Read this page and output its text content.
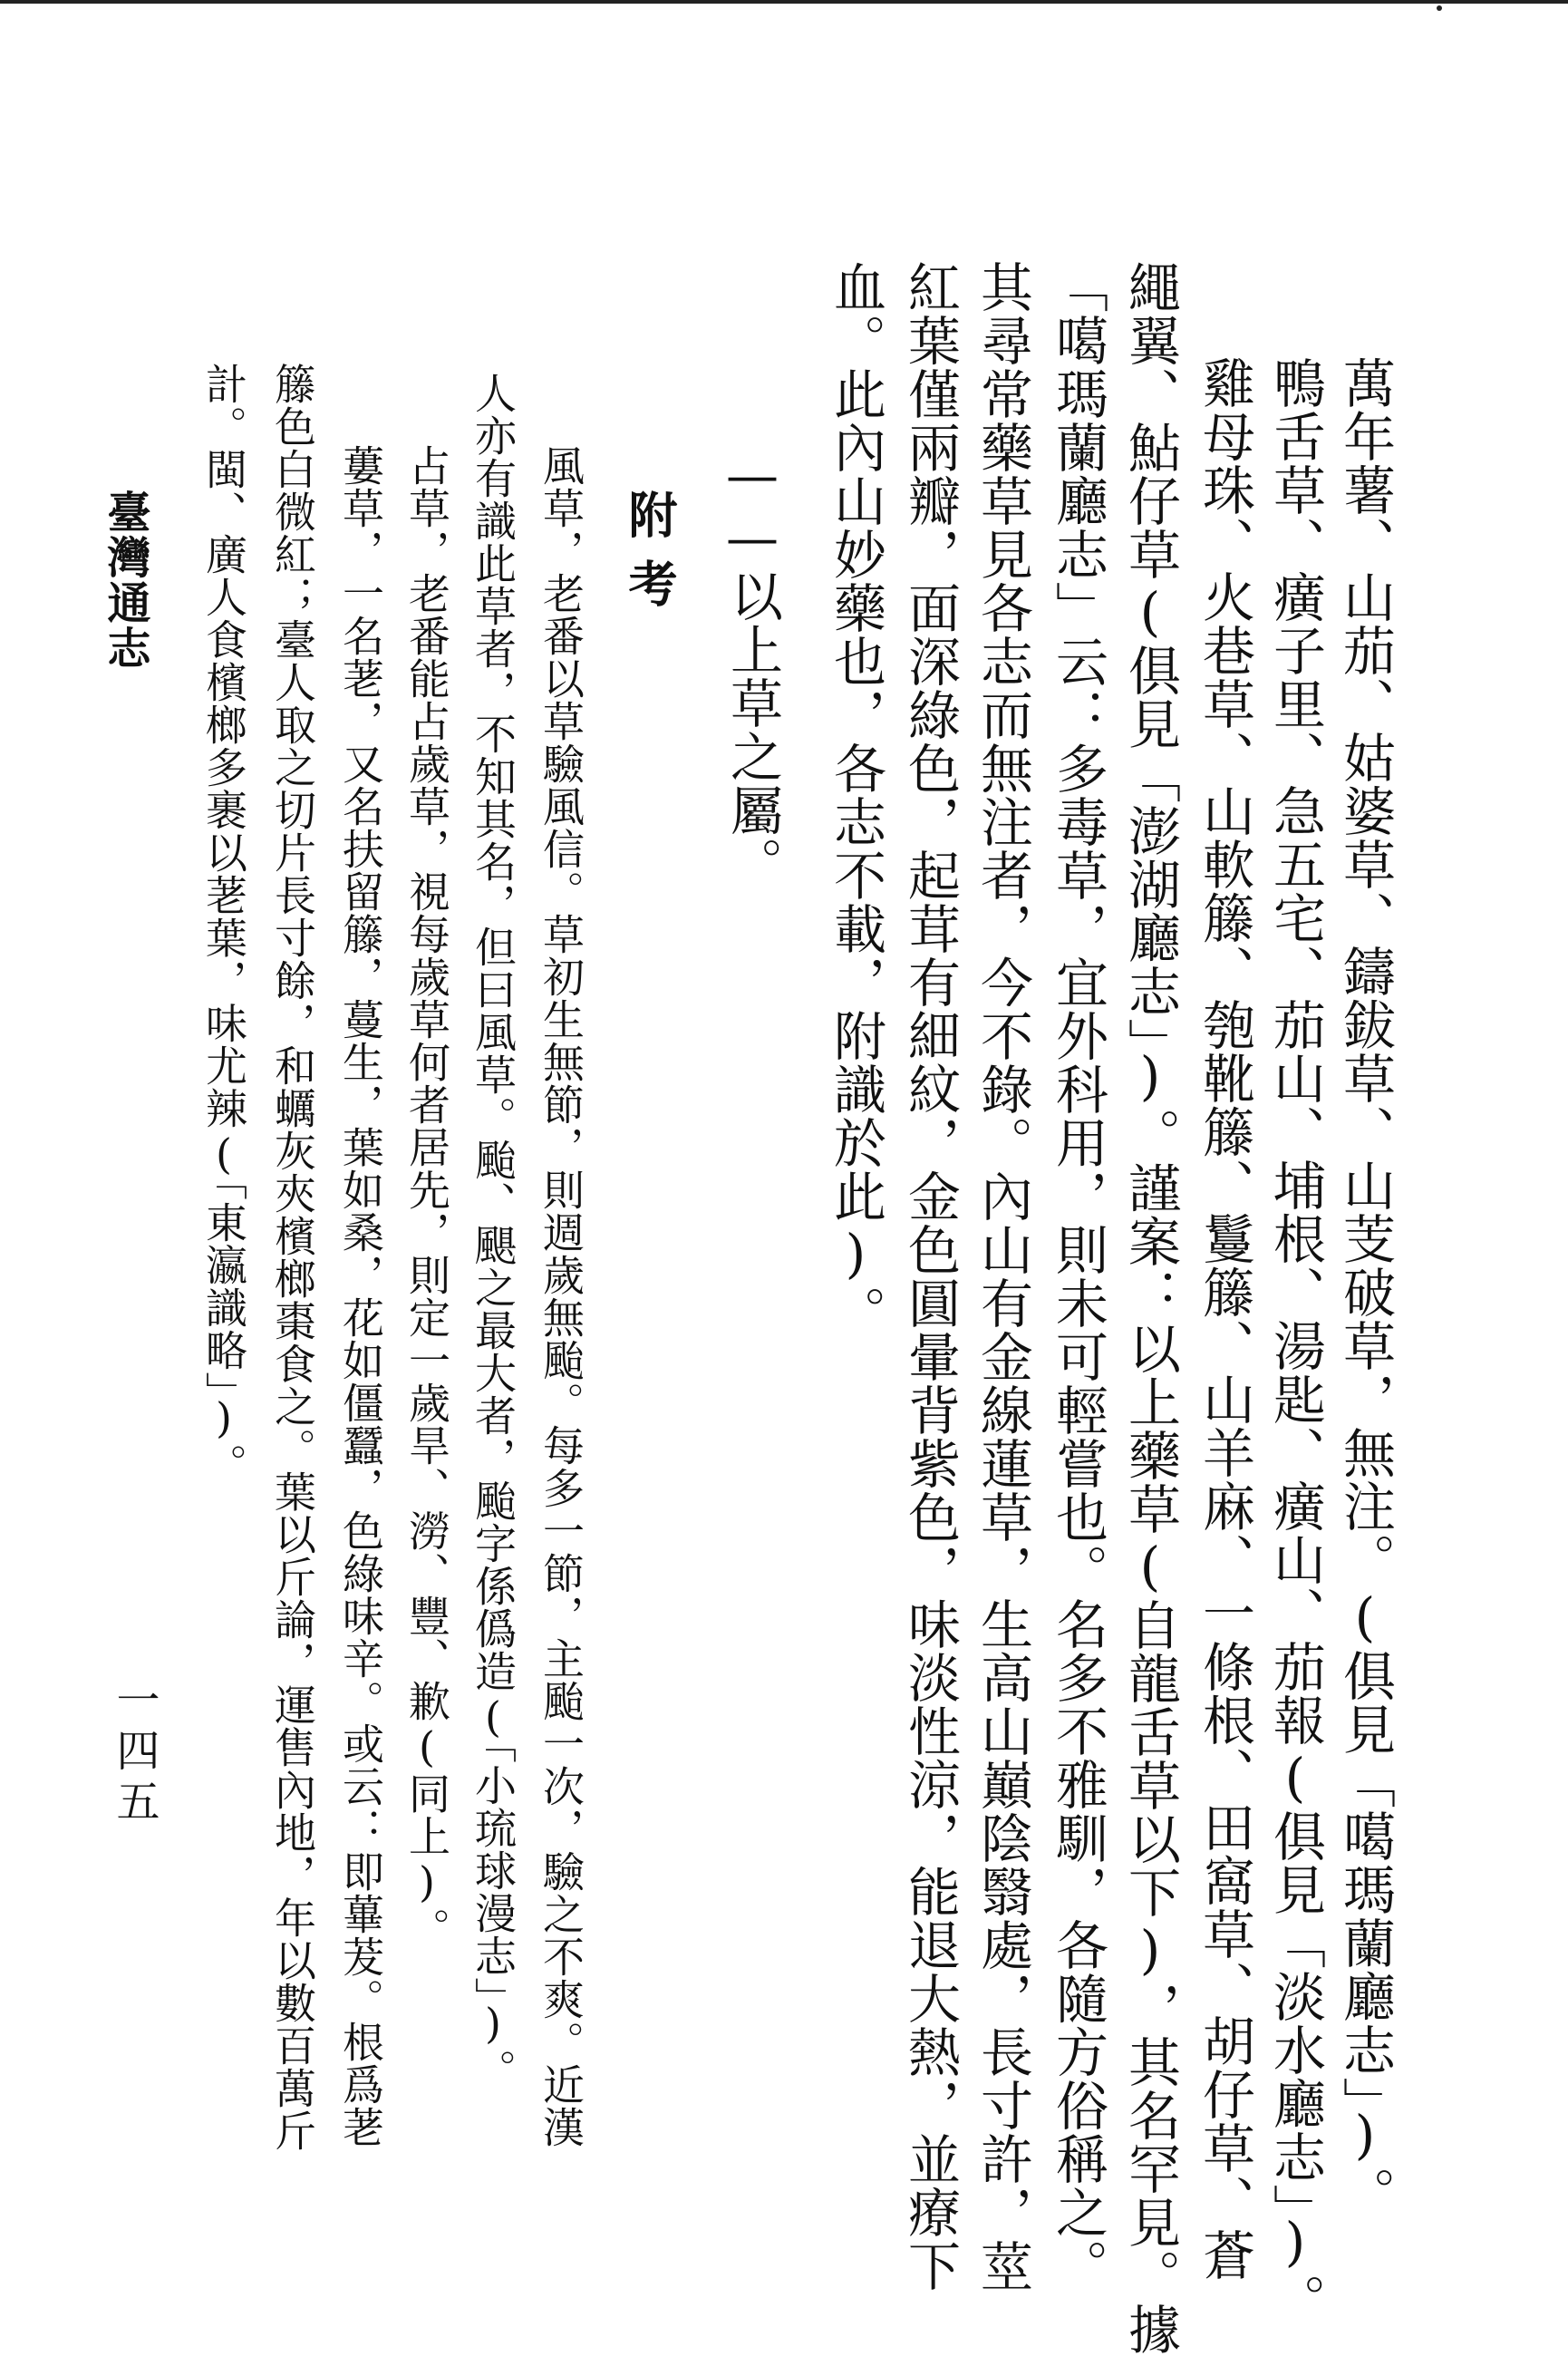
萬年薯、山茄、姑婆草、鑄鈸草、山芰破草，無注。(俱見「噶瑪蘭廳志」)。
鴨舌草、癀子里、急五宅、茄山、埔根、湯匙、癀山、茄報(俱見「淡水廳志」)。
雞母珠、火巷草、山軟籐、匏靴籐、鬘籐、山羊麻、一條根、田窩草、胡仔草、蒼
繩翼、鮎仔草(俱見「澎湖廳志」)。謹案：以上藥草(自龍舌草以下)，其名罕見。據
「噶瑪蘭廳志」云：多毒草，宜外科用，則未可輕嘗也。名多不雅馴，各隨方俗稱之。
其尋常藥草見各志而無注者，今不錄。內山有金線蓮草，生高山巔陰翳處，長寸許，莖
紅葉僅兩瓣，面深綠色，起茸有細紋，金色圓暈背紫色，味淡性涼，能退大熱，並療下
血。此內山妙藥也，各志不載，附識於此)。
——以上草之屬。
附考
風草，老番以草驗風信。草初生無節，則週歲無颱。每多一節，主颱一次，驗之不爽。近漢
人亦有識此草者，不知其名，但曰風草。颱、颶之最大者，颱字係僞造(「小琉球漫志」)。
占草，老番能占歲草，視每歲草何者居先，則定一歲旱、澇、豐、歉(同上)。
蔞草，一名荖，又名扶留籐，蔓生，葉如桑，花如僵蠶，色綠味辛。或云：即蓽茇。根爲荖
籐色白微紅；臺人取之切片長寸餘，和蠣灰夾檳榔棗食之。葉以斤論，運售內地，年以數百萬斤
計。閩、廣人食檳榔多裹以荖葉，味尤辣(「東瀛識略」)。
臺灣通志
一四五
